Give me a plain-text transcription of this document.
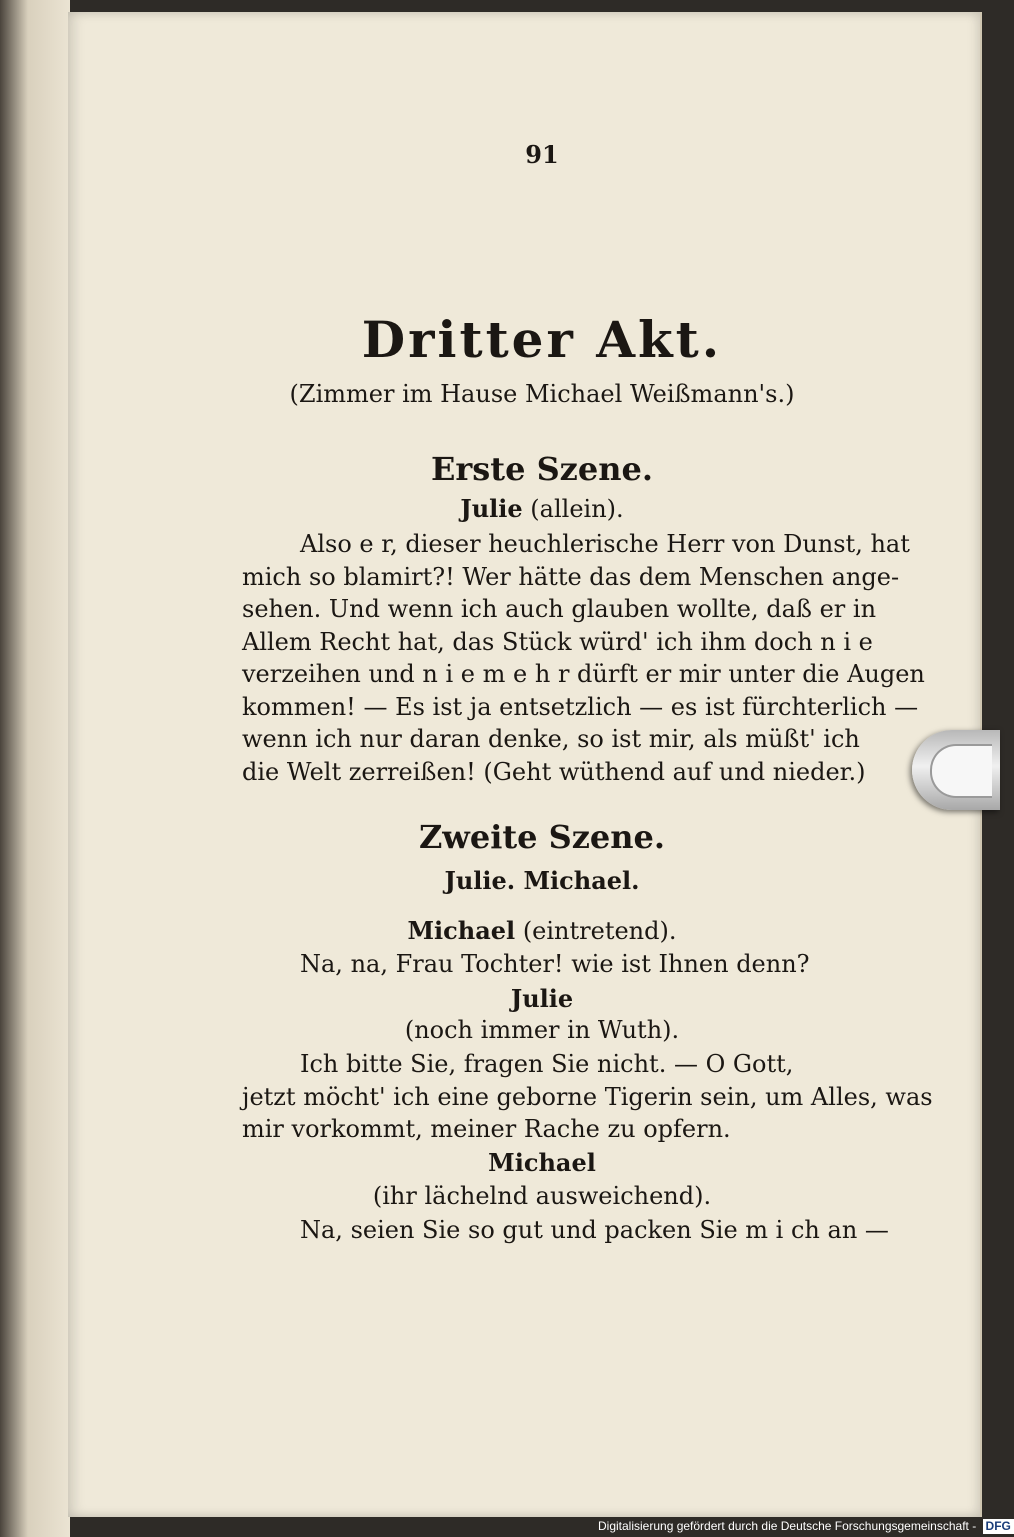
91
Dritter Akt.
(Zimmer im Hause Michael Weißmann's.)
Erste Szene.
Julie (allein).
Also e r, dieser heuchlerische Herr von Dunst, hat
mich so blamirt?! Wer hätte das dem Menschen ange-
sehen. Und wenn ich auch glauben wollte, daß er in
Allem Recht hat, das Stück würd' ich ihm doch n i e
verzeihen und n i e m e h r dürft er mir unter die Augen
kommen! — Es ist ja entsetzlich — es ist fürchterlich —
wenn ich nur daran denke, so ist mir, als müßt' ich
die Welt zerreißen! (Geht wüthend auf und nieder.)
Zweite Szene.
Julie. Michael.
Michael (eintretend).
Na, na, Frau Tochter! wie ist Ihnen denn?
Julie
(noch immer in Wuth).
Ich bitte Sie, fragen Sie nicht. — O Gott,
jetzt möcht' ich eine geborne Tigerin sein, um Alles, was
mir vorkommt, meiner Rache zu opfern.
Michael
(ihr lächelnd ausweichend).
Na, seien Sie so gut und packen Sie m i ch an —
Digitalisierung gefördert durch die Deutsche Forschungsgemeinschaft - DFG
